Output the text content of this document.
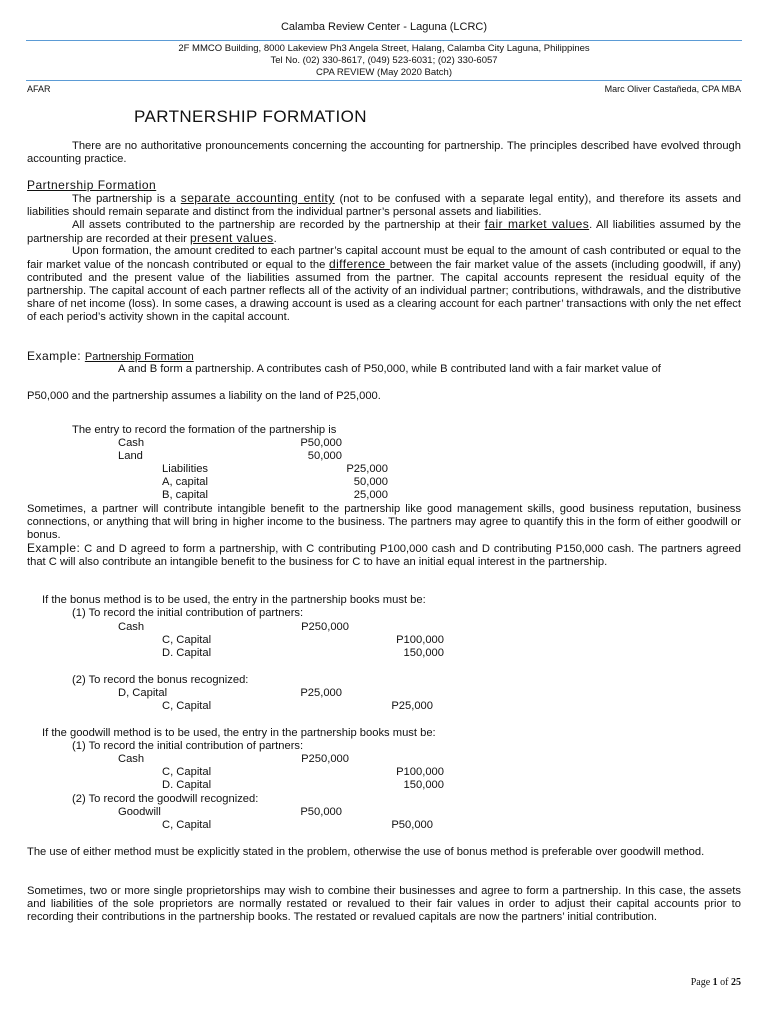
Calamba Review Center - Laguna (LCRC)
2F MMCO Building, 8000 Lakeview Ph3 Angela Street, Halang, Calamba City Laguna, Philippines
Tel No. (02) 330-8617, (049) 523-6031; (02) 330-6057
CPA REVIEW (May 2020 Batch)
AFAR	Marc Oliver Castañeda, CPA MBA
PARTNERSHIP FORMATION
There are no authoritative pronouncements concerning the accounting for partnership. The principles described have evolved through accounting practice.
Partnership Formation
The partnership is a separate accounting entity (not to be confused with a separate legal entity), and therefore its assets and liabilities should remain separate and distinct from the individual partner’s personal assets and liabilities.
All assets contributed to the partnership are recorded by the partnership at their fair market values. All liabilities assumed by the partnership are recorded at their present values.
Upon formation, the amount credited to each partner’s capital account must be equal to the amount of cash contributed or equal to the fair market value of the noncash contributed or equal to the difference between the fair market value of the assets (including goodwill, if any) contributed and the present value of the liabilities assumed from the partner. The capital accounts represent the residual equity of the partnership. The capital account of each partner reflects all of the activity of an individual partner; contributions, withdrawals, and the distributive share of net income (loss). In some cases, a drawing account is used as a clearing account for each partner’ transactions with only the net effect of each period’s activity shown in the capital account.
Example: Partnership Formation
A and B form a partnership. A contributes cash of P50,000, while B contributed land with a fair market value of
P50,000 and the partnership assumes a liability on the land of P25,000.
The entry to record the formation of the partnership is
Cash	P50,000
Land	50,000
Liabilities	P25,000
A, capital	50,000
B, capital	25,000
Sometimes, a partner will contribute intangible benefit to the partnership like good management skills, good business reputation, business connections, or anything that will bring in higher income to the business. The partners may agree to quantify this in the form of either goodwill or bonus.
Example: C and D agreed to form a partnership, with C contributing P100,000 cash and D contributing P150,000 cash. The partners agreed that C will also contribute an intangible benefit to the business for C to have an initial equal interest in the partnership.
If the bonus method is to be used, the entry in the partnership books must be:
(1) To record the initial contribution of partners:
Cash	P250,000
C, Capital	P100,000
D. Capital	150,000
(2) To record the bonus recognized:
D, Capital	P25,000
C, Capital	P25,000
If the goodwill method is to be used, the entry in the partnership books must be:
(1) To record the initial contribution of partners:
Cash	P250,000
C, Capital	P100,000
D. Capital	150,000
(2) To record the goodwill recognized:
Goodwill	P50,000
C, Capital	P50,000
The use of either method must be explicitly stated in the problem, otherwise the use of bonus method is preferable over goodwill method.
Sometimes, two or more single proprietorships may wish to combine their businesses and agree to form a partnership. In this case, the assets and liabilities of the sole proprietors are normally restated or revalued to their fair values in order to adjust their capital accounts prior to recording their contributions in the partnership books. The restated or revalued capitals are now the partners’ initial contribution.
Page 1 of 25
